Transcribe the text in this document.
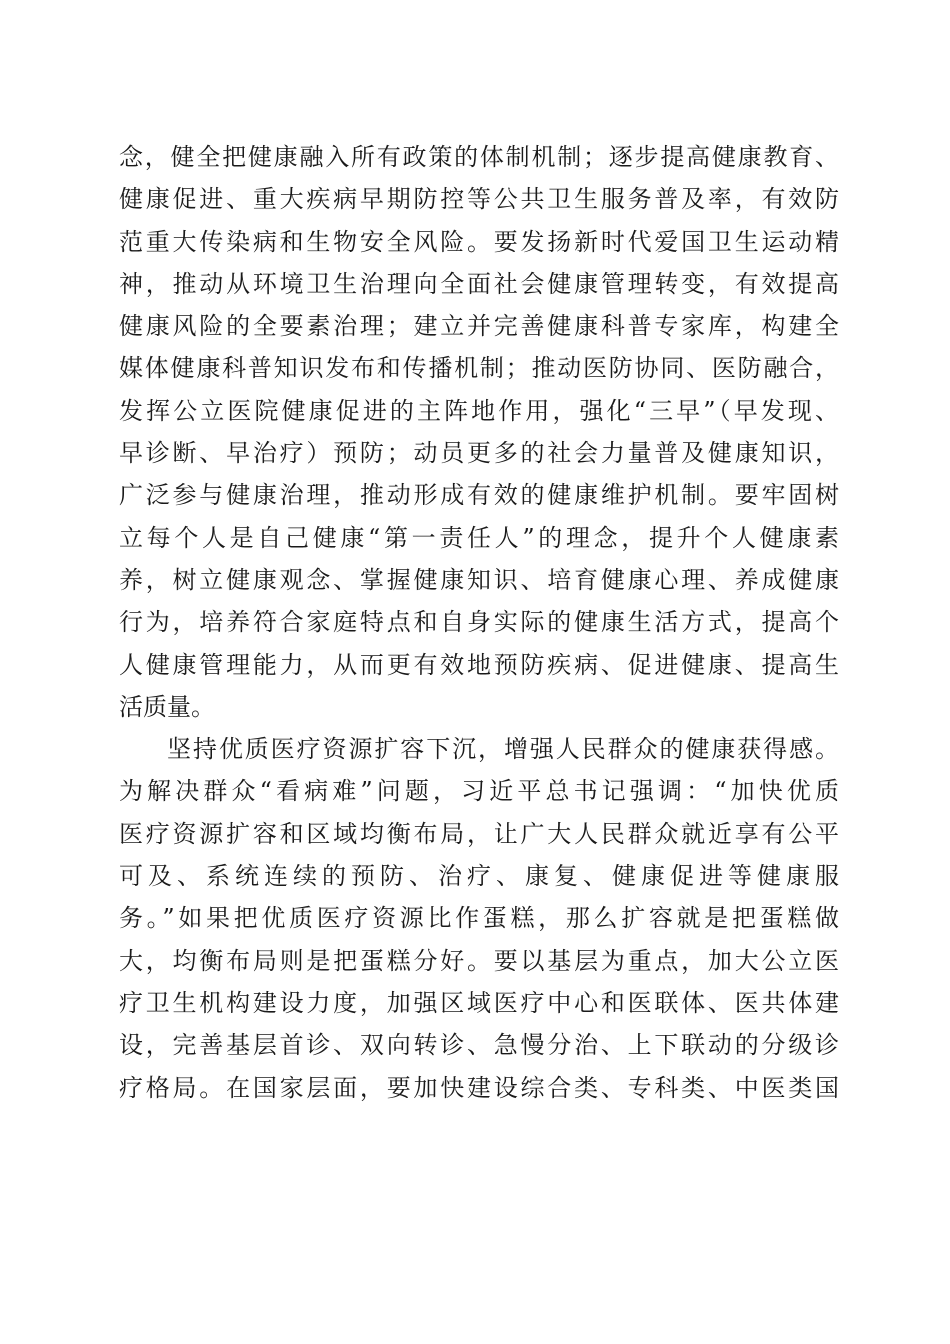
念，健全把健康融入所有政策的体制机制；逐步提高健康教育、
健康促进、重大疾病早期防控等公共卫生服务普及率，有效防
范重大传染病和生物安全风险。要发扬新时代爱国卫生运动精
神，推动从环境卫生治理向全面社会健康管理转变，有效提高
健康风险的全要素治理；建立并完善健康科普专家库，构建全
媒体健康科普知识发布和传播机制；推动医防协同、医防融合，
发挥公立医院健康促进的主阵地作用，强化“三早”（早发现、
早诊断、早治疗）预防；动员更多的社会力量普及健康知识，
广泛参与健康治理，推动形成有效的健康维护机制。要牢固树
立每个人是自己健康“第一责任人”的理念，提升个人健康素
养，树立健康观念、掌握健康知识、培育健康心理、养成健康
行为，培养符合家庭特点和自身实际的健康生活方式，提高个
人健康管理能力，从而更有效地预防疾病、促进健康、提高生
活质量。
坚持优质医疗资源扩容下沉，增强人民群众的健康获得感。
为解决群众“看病难”问题，习近平总书记强调：“加快优质
医疗资源扩容和区域均衡布局，让广大人民群众就近享有公平
可及、系统连续的预防、治疗、康复、健康促进等健康服
务。”如果把优质医疗资源比作蛋糕，那么扩容就是把蛋糕做
大，均衡布局则是把蛋糕分好。要以基层为重点，加大公立医
疗卫生机构建设力度，加强区域医疗中心和医联体、医共体建
设，完善基层首诊、双向转诊、急慢分治、上下联动的分级诊
疗格局。在国家层面，要加快建设综合类、专科类、中医类国
